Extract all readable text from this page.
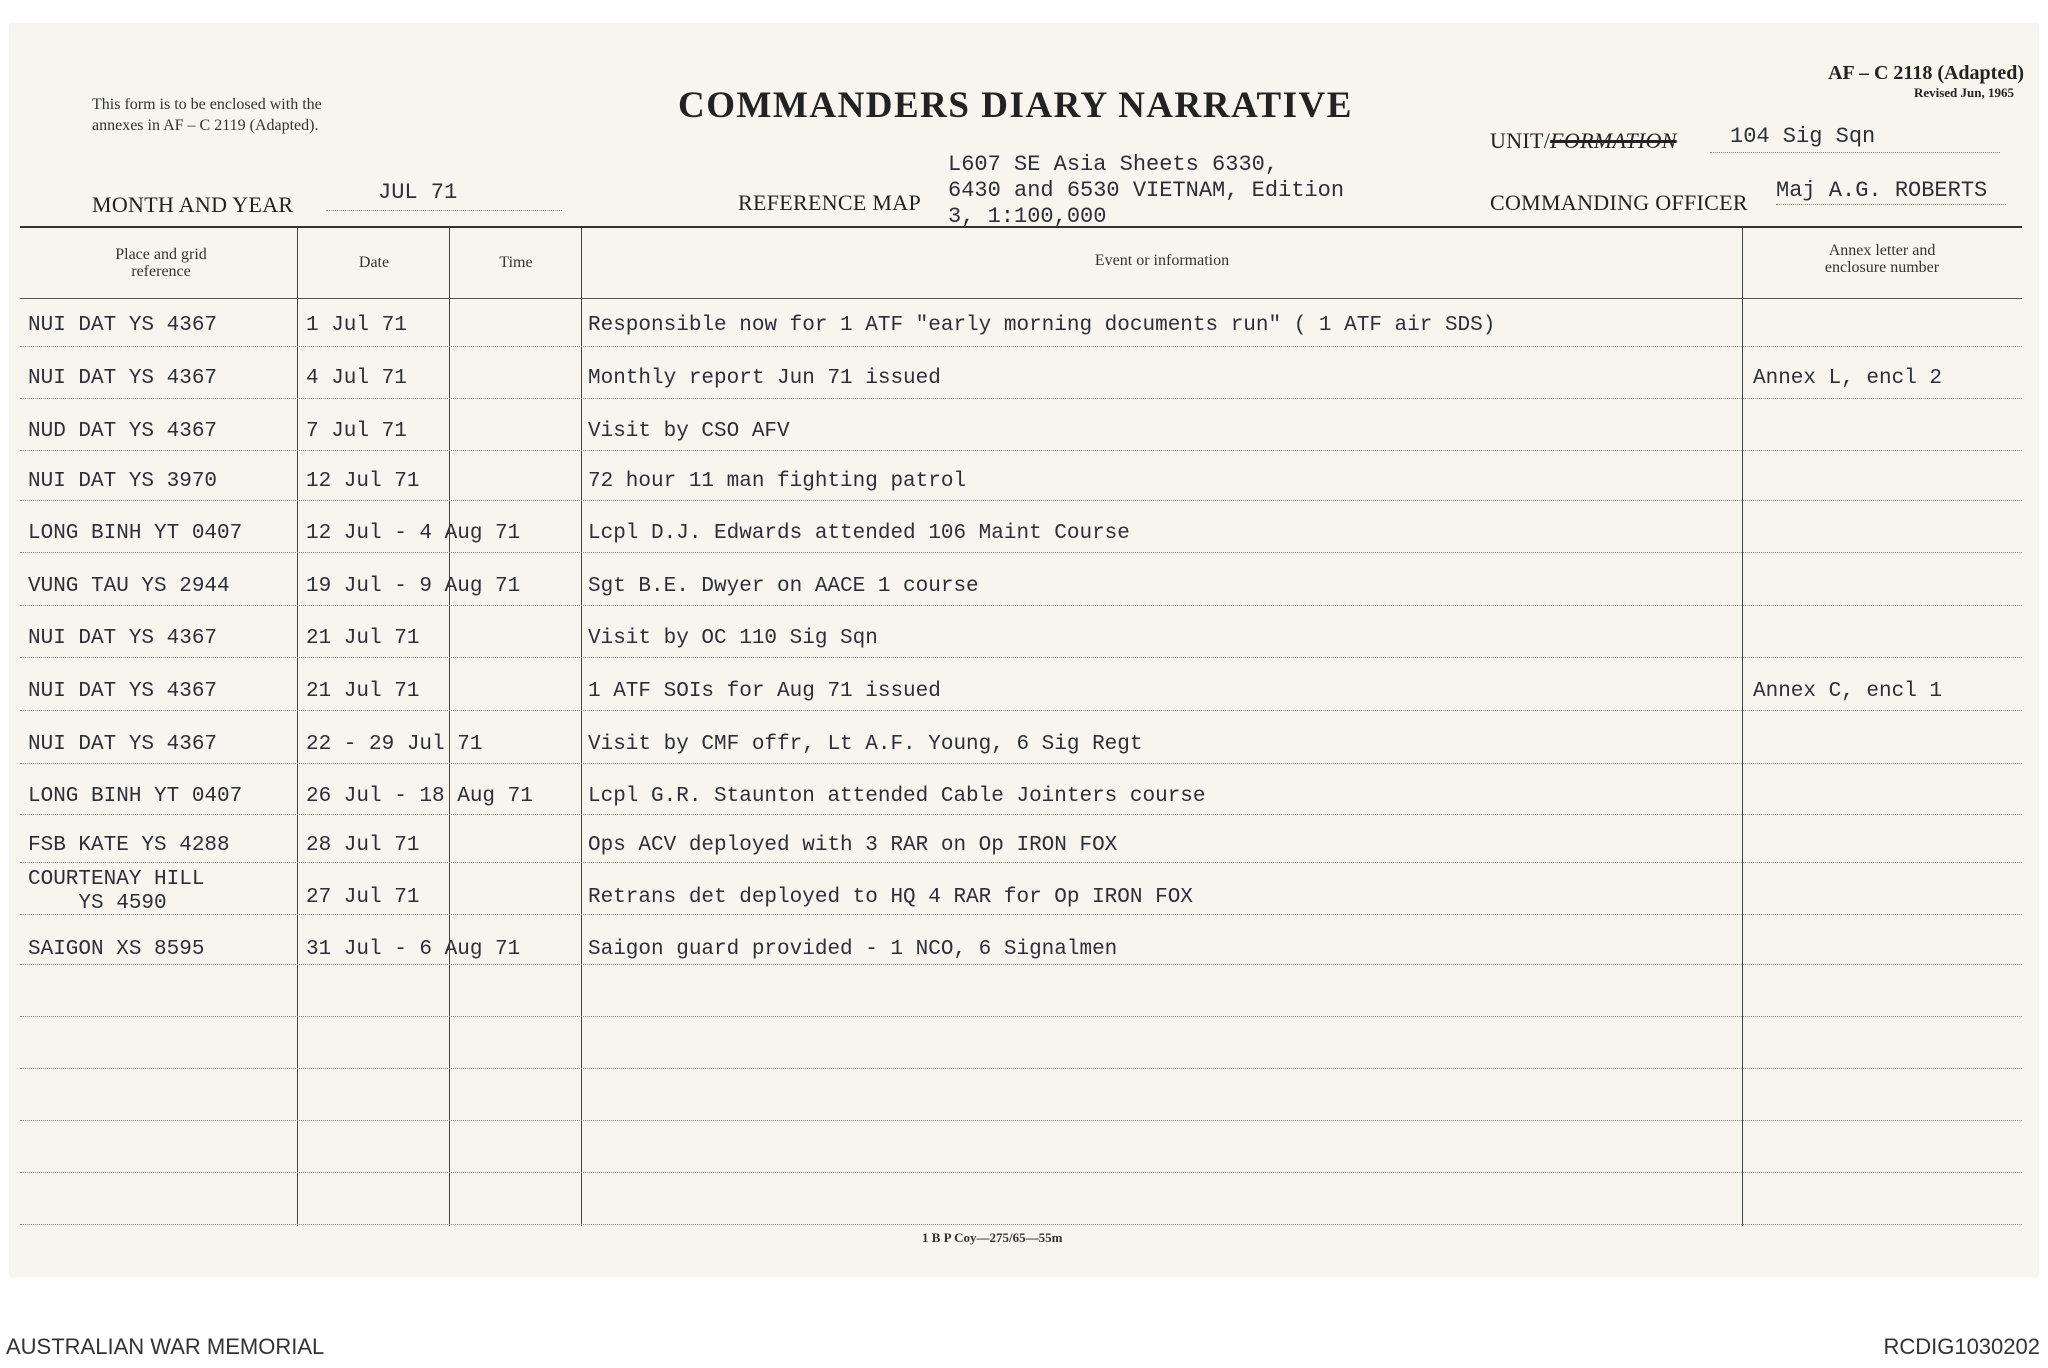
This form is to be enclosed with the
annexes in AF – C 2119 (Adapted).	COMMANDERS DIARY NARRATIVE
AF – C 2118 (Adapted)
Revised Jun, 1965
UNIT/FORMATION 104 Sig Sqn
MONTH AND YEAR	JUL 71	REFERENCE MAP
L607 SE Asia Sheets 6330,
6430 and 6530 VIETNAM, Edition
3, 1:100,000
COMMANDING OFFICER Maj A.G. ROBERTS
Place and grid
reference
Date	Time	Event or information
Annex letter and
enclosure number
NUI DAT YS 4367	1 Jul 71	Responsible now for 1 ATF "early morning documents run" ( 1 ATF air SDS)
NUI DAT YS 4367	4 Jul 71	Monthly report Jun 71 issued	Annex L, encl 2
NUD DAT YS 4367	7 Jul 71	Visit by CSO AFV
NUI DAT YS 3970	12 Jul 71	72 hour 11 man fighting patrol
LONG BINH YT 0407	12 Jul - 4 Aug 71	Lcpl D.J. Edwards attended 106 Maint Course
VUNG TAU YS 2944	19 Jul - 9 Aug 71	Sgt B.E. Dwyer on AACE 1 course
NUI DAT YS 4367	21 Jul 71	Visit by OC 110 Sig Sqn
NUI DAT YS 4367	21 Jul 71	1 ATF SOIs for Aug 71 issued	Annex C, encl 1
NUI DAT YS 4367	22 - 29 Jul 71	Visit by CMF offr, Lt A.F. Young, 6 Sig Regt
LONG BINH YT 0407	26 Jul - 18 Aug 71	Lcpl G.R. Staunton attended Cable Jointers course
FSB KATE YS 4288	28 Jul 71	Ops ACV deployed with 3 RAR on Op IRON FOX
COURTENAY HILL
YS 4590	27 Jul 71	Retrans det deployed to HQ 4 RAR for Op IRON FOX
SAIGON XS 8595	31 Jul - 6 Aug 71	Saigon guard provided - 1 NCO, 6 Signalmen
1 B P Coy—275/65—55m
AUSTRALIAN WAR MEMORIAL	RCDIG1030202
